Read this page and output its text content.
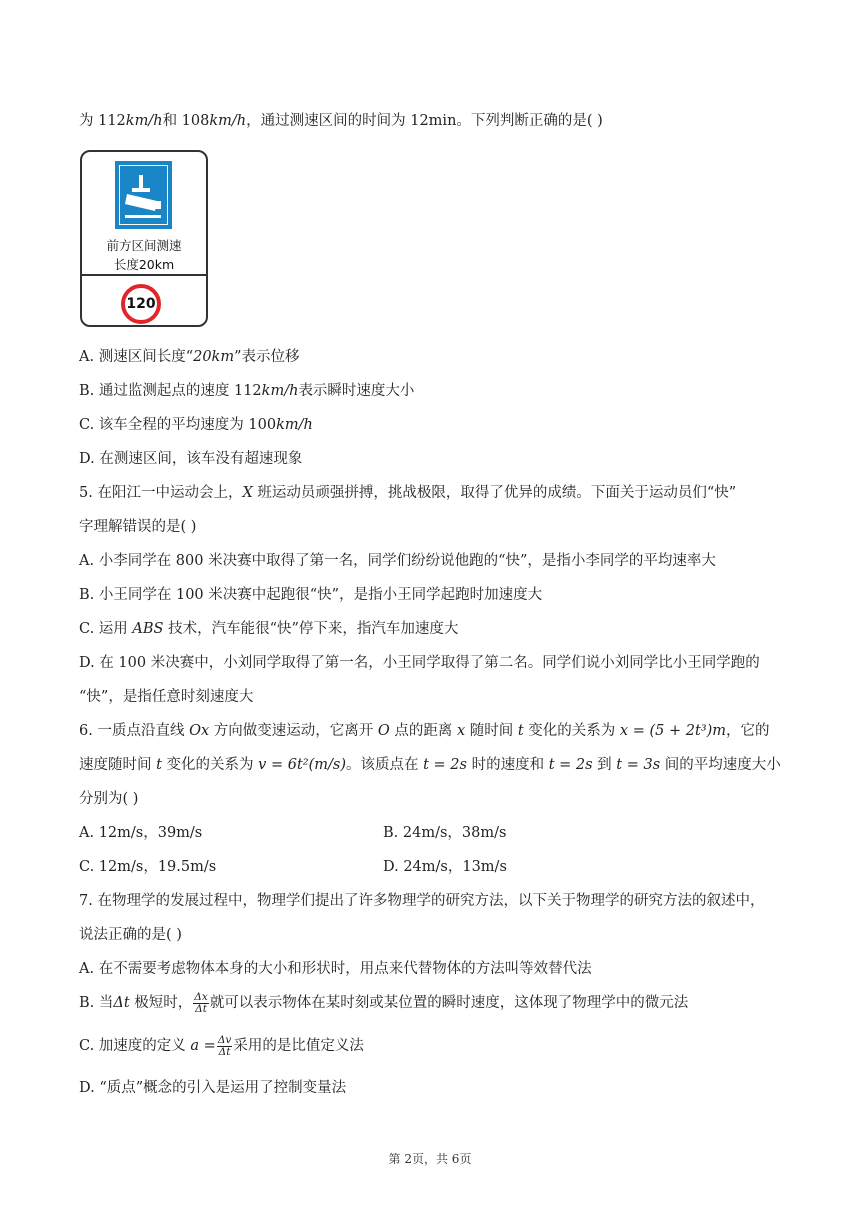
为 112km/h和 108km/h，通过测速区间的时间为 12min。下列判断正确的是( )
前方区间测速
长度20km
120
A. 测速区间长度“20km”表示位移
B. 通过监测起点的速度 112km/h表示瞬时速度大小
C. 该车全程的平均速度为 100km/h
D. 在测速区间，该车没有超速现象
5. 在阳江一中运动会上，X 班运动员顽强拼搏，挑战极限，取得了优异的成绩。下面关于运动员们“快”
字理解错误的是( )
A. 小李同学在 800 米决赛中取得了第一名，同学们纷纷说他跑的“快”，是指小李同学的平均速率大
B. 小王同学在 100 米决赛中起跑很“快”，是指小王同学起跑时加速度大
C. 运用 ABS 技术，汽车能很“快”停下来，指汽车加速度大
D. 在 100 米决赛中，小刘同学取得了第一名，小王同学取得了第二名。同学们说小刘同学比小王同学跑的
“快”，是指任意时刻速度大
6. 一质点沿直线 Ox 方向做变速运动，它离开 O 点的距离 x 随时间 t 变化的关系为 x = (5 + 2t³)m，它的
速度随时间 t 变化的关系为 v = 6t²(m/s)。该质点在 t = 2s 时的速度和 t = 2s 到 t = 3s 间的平均速度大小
分别为( )
A. 12m/s，39m/s	B. 24m/s，38m/s
C. 12m/s，19.5m/s	D. 24m/s，13m/s
7. 在物理学的发展过程中，物理学们提出了许多物理学的研究方法，以下关于物理学的研究方法的叙述中，
说法正确的是( )
A. 在不需要考虑物体本身的大小和形状时，用点来代替物体的方法叫等效替代法
B. 当Δt 极短时， $\frac{\Delta x}{\Delta t}$ 就可以表示物体在某时刻或某位置的瞬时速度，这体现了物理学中的微元法
C. 加速度的定义 $a = \frac{\Delta v}{\Delta t}$ 采用的是比值定义法
D. “质点”概念的引入是运用了控制变量法
第 2页，共 6页
